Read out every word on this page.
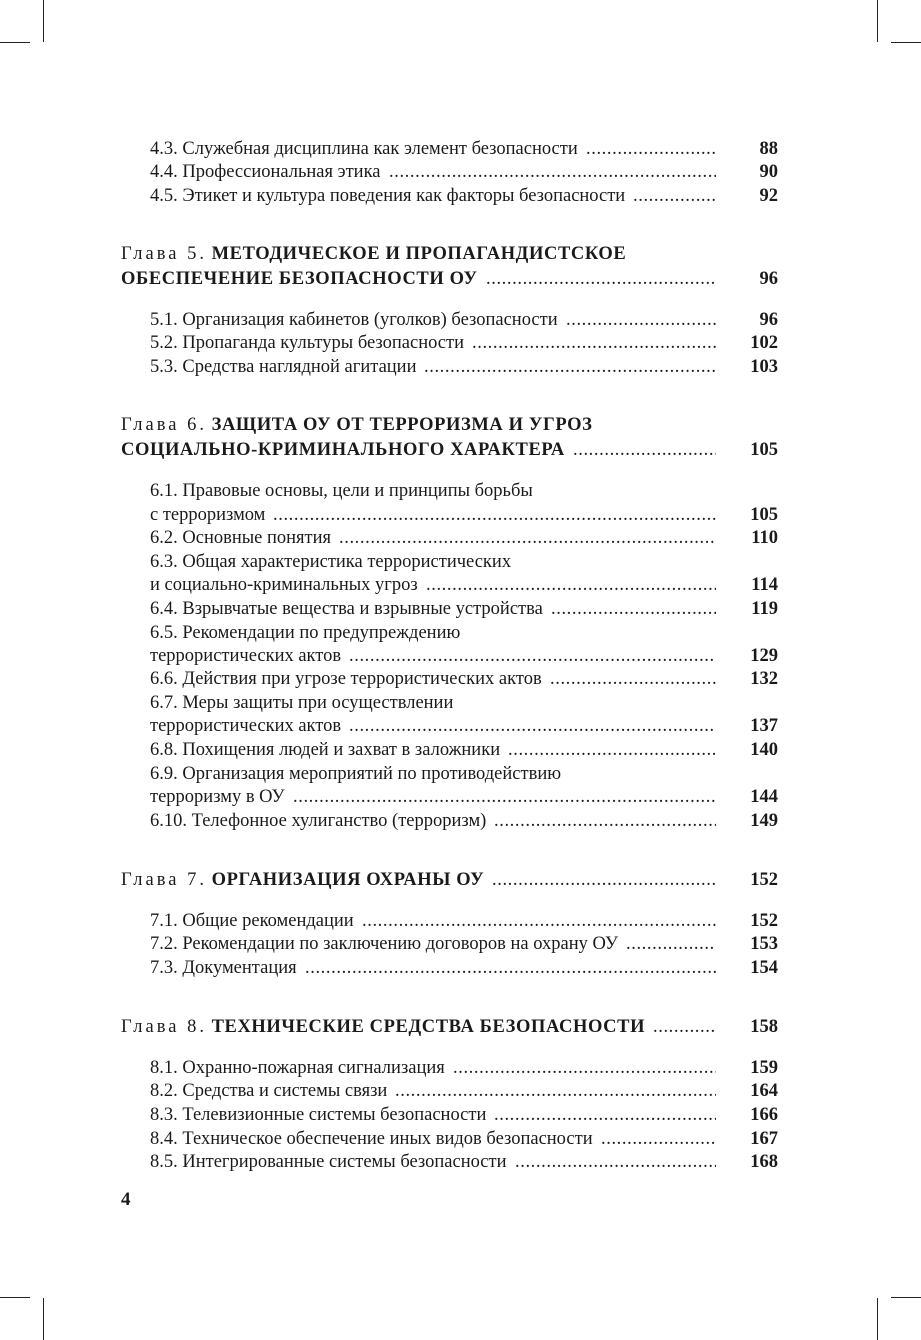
4.3. Служебная дисциплина как элемент безопасности .....	88
4.4. Профессиональная этика .....	90
4.5. Этикет и культура поведения как факторы безопасности .....	92
Глава 5. МЕТОДИЧЕСКОЕ И ПРОПАГАНДИСТСКОЕ
ОБЕСПЕЧЕНИЕ БЕЗОПАСНОСТИ ОУ .....	96
5.1. Организация кабинетов (уголков) безопасности .....	96
5.2. Пропаганда культуры безопасности .....	102
5.3. Средства наглядной агитации .....	103
Глава 6. ЗАЩИТА ОУ ОТ ТЕРРОРИЗМА И УГРОЗ
СОЦИАЛЬНО-КРИМИНАЛЬНОГО ХАРАКТЕРА .....	105
6.1. Правовые основы, цели и принципы борьбы
с терроризмом .....	105
6.2. Основные понятия .....	110
6.3. Общая характеристика террористических
и социально-криминальных угроз .....	114
6.4. Взрывчатые вещества и взрывные устройства .....	119
6.5. Рекомендации по предупреждению
террористических актов .....	129
6.6. Действия при угрозе террористических актов .....	132
6.7. Меры защиты при осуществлении
террористических актов .....	137
6.8. Похищения людей и захват в заложники .....	140
6.9. Организация мероприятий по противодействию
терроризму в ОУ .....	144
6.10. Телефонное хулиганство (терроризм) .....	149
Глава 7. ОРГАНИЗАЦИЯ ОХРАНЫ ОУ .....	152
7.1. Общие рекомендации .....	152
7.2. Рекомендации по заключению договоров на охрану ОУ .....	153
7.3. Документация .....	154
Глава 8. ТЕХНИЧЕСКИЕ СРЕДСТВА БЕЗОПАСНОСТИ .....	158
8.1. Охранно-пожарная сигнализация .....	159
8.2. Средства и системы связи .....	164
8.3. Телевизионные системы безопасности .....	166
8.4. Техническое обеспечение иных видов безопасности .....	167
8.5. Интегрированные системы безопасности .....	168
4
